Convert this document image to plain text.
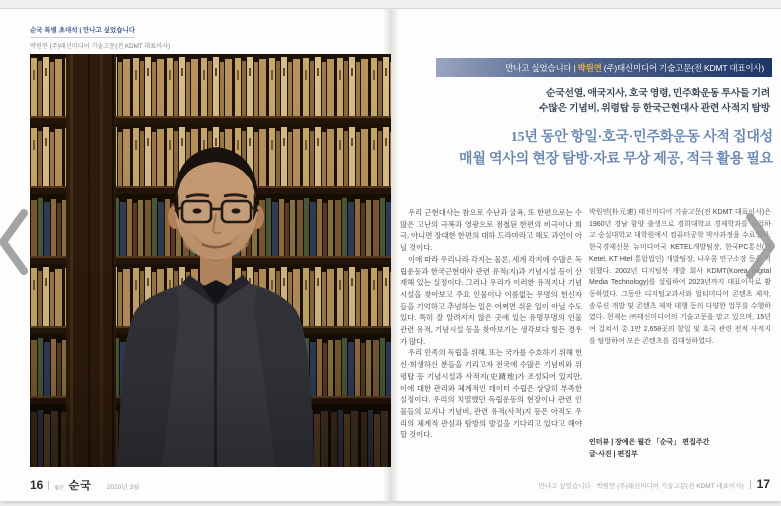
순국 특별 초대석 | 만나고 싶었습니다
박원연 (주)태신미디어 기술고문(전 KDMT 대표이사)
16 월간 순국 2020년 3월
만나고 싶었습니다 | 박원연 (주)태신미디어 기술고문(전 KDMT 대표이사)
순국선열, 애국지사, 호국 영령, 민주화운동 투사들 기려
수많은 기념비, 위령탑 등 한국근현대사 관련 사적지 탐방
15년 동안 항일·호국·민주화운동 사적 집대성
매월 역사의 현장 탐방·자료 무상 제공, 적극 활용 필요

우리 근현대사는 참으로 수난과 굴욕, 또 한편으로는 수많은 고난의 극복과 영광으로 점철된 한편의 비극이나 희극, 아니면 장대한 한편의 대하 드라마라고 해도 과언이 아닐 것이다.

이에 따라 우리나라 각지는 물론, 세계 각지에 수많은 독립운동과 한국근현대사 관련 유적(지)과 기념시설 등이 산재해 있는 실정이다. 그러나 우리가 이러한 유적지나 기념시설을 찾아보고 주요 인물이나 이름없는 무명의 헌신자들을 기억하고 추념하는 일은 어쩌면 쉬운 일이 아닐 수도 있다. 특히 잘 알려지지 않은 곳에 있는 유명무명의 인물 관련 유적, 기념시설 등을 찾아보기는 생각보다 힘든 경우가 많다.

우리 민족의 독립을 위해, 또는 국가를 수호하기 위해 헌신·희생하신 분들을 기리고자 전국에 수많은 기념비와 위령탑 등 기념시설과 사적지(史蹟地)가 조성되어 있지만, 이에 대한 관리와 체계적인 데이터 수립은 상당히 부족한 실정이다. 우리의 치열했던 독립운동의 현장이나 관련 인물들의 묘지나 기념비, 관련 유적(사적)지 등은 아직도 우리의 체계적 관심과 탐방의 발길을 기다리고 있다고 해야 할 것이다.

박원연(朴元連) 태신미디어 기술고문(전 KDMT 대표이사)은 1960년 경남 함양 출생으로 경희대학교 경제학과를 졸업하고 숭실대학교 대학원에서 컴퓨터공학 박사과정을 수료했다. 한국경제신문 뉴미디어국 KETEL개발팀장, 한국PC통신(현 Ketel, KT Htel 통합법인) 개발팀장, 나우콤 연구소장 등을 역임했다. 2002년 디지털북 개발 회사 KDMT(Korea Digital Media Technology)를 설립하여 2023년까지 대표이사로 활동하였다. 그동안 디지털교과서와 멀티미디어 콘텐츠 제작, 솔루션 개발 및 콘텐츠 제작 대행 등의 다양한 업무를 수행하였다. 현재는 ㈜태신미디어의 기술고문을 맡고 있으며, 15년여 걸쳐서 총 1만 2,658곳의 항일 및 호국 관련 전적 사적지를 탐방하여 모은 콘텐츠를 집대성하였다.

인터뷰 | 장예은 월간 「순국」 편집주간
글·사진 | 편집부
만나고 싶었습니다 · 박원연 (주)태신미디어 기술고문(전 KDMT 대표이사) 17
